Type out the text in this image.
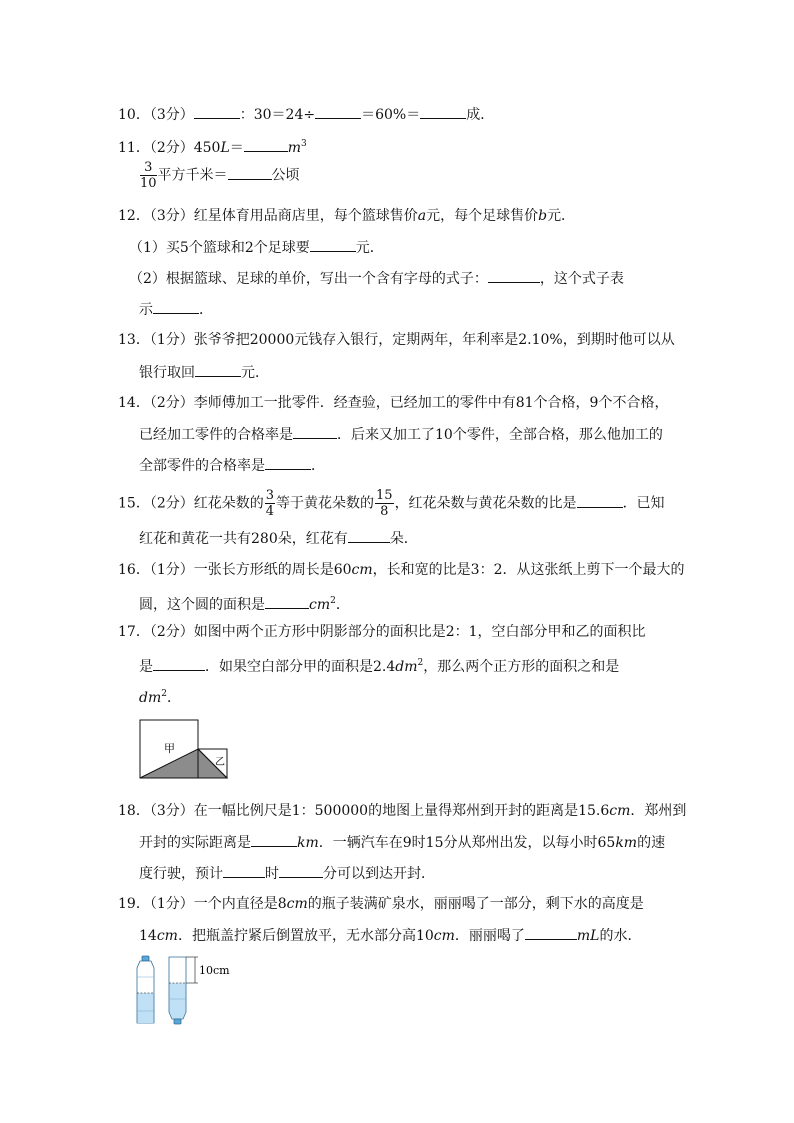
10．（3分）	：30＝24÷	＝60%＝	成．
11．（2分）450L＝	$m^3$
$\frac{3}{10}$ 平方千米＝	公顷
12．（3分）红星体育用品商店里，每个篮球售价a元，每个足球售价b元．
（1）买5个篮球和2个足球要	元．
（2）根据篮球、足球的单价，写出一个含有字母的式子：	，这个式子表
示	．
13．（1分）张爷爷把20000元钱存入银行，定期两年，年利率是2.10%，到期时他可以从
银行取回	元．
14．（2分）李师傅加工一批零件．经查验，已经加工的零件中有81个合格，9个不合格，
已经加工零件的合格率是	．后来又加工了10个零件，全部合格，那么他加工的
全部零件的合格率是	．
15．（2分）红花朵数的 $\frac{3}{4}$ 等于黄花朵数的 $\frac{15}{8}$ ，红花朵数与黄花朵数的比是	．已知
红花和黄花一共有280朵，红花有	朵．
16．（1分）一张长方形纸的周长是60cm，长和宽的比是3：2．从这张纸上剪下一个最大的
圆，这个圆的面积是	$cm^2$．
17．（2分）如图中两个正方形中阴影部分的面积比是2：1，空白部分甲和乙的面积比
是	．如果空白部分甲的面积是$2.4dm^2$，那么两个正方形的面积之和是
$dm^2$．
甲
乙
18．（3分）在一幅比例尺是1：500000的地图上量得郑州到开封的距离是15.6cm．郑州到
开封的实际距离是	km．一辆汽车在9时15分从郑州出发，以每小时65km的速
度行驶，预计	时	分可以到达开封．
19．（1分）一个内直径是8cm的瓶子装满矿泉水，丽丽喝了一部分，剩下水的高度是
14cm．把瓶盖拧紧后倒置放平，无水部分高10cm．丽丽喝了	mL的水．
10cm
